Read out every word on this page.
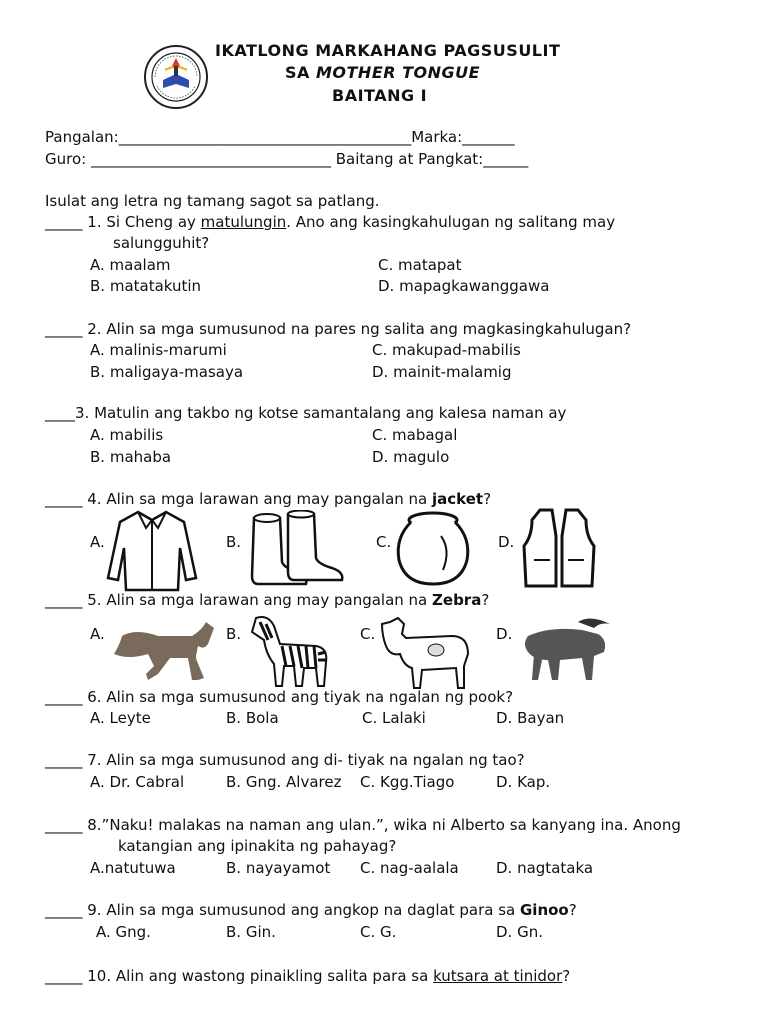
IKATLONG MARKAHANG PAGSUSULIT
SA MOTHER TONGUE
BAITANG I
Pangalan:_______________________________________Marka:_______
Guro: ________________________________ Baitang at Pangkat:______
Isulat ang letra ng tamang sagot sa patlang.
_____ 1. Si Cheng ay matulungin. Ano ang kasingkahulugan ng salitang may
salungguhit?
A. maalam	C. matapat
B. matatakutin	D. mapagkawanggawa
_____ 2. Alin sa mga sumusunod na pares ng salita ang magkasingkahulugan?
A. malinis-marumi	C. makupad-mabilis
B. maligaya-masaya	D. mainit-malamig
____3. Matulin ang takbo ng kotse samantalang ang kalesa naman ay
A. mabilis	C. mabagal
B. mahaba	D. magulo
_____ 4. Alin sa mga larawan ang may pangalan na jacket?
A.	B.	C.	D.
_____ 5. Alin sa mga larawan ang may pangalan na Zebra?
A.	B.	C.	D.
_____ 6. Alin sa mga sumusunod ang tiyak na ngalan ng pook?
A. Leyte	B. Bola	C. Lalaki	D. Bayan
_____ 7. Alin sa mga sumusunod ang di- tiyak na ngalan ng tao?
A. Dr. Cabral	B. Gng. Alvarez C. Kgg.Tiago	D. Kap.
_____ 8.”Naku! malakas na naman ang ulan.”, wika ni Alberto sa kanyang ina. Anong
katangian ang ipinakita ng pahayag?
A.natutuwa	B. nayayamot C. nag-aalala D. nagtataka
_____ 9. Alin sa mga sumusunod ang angkop na daglat para sa Ginoo?
A. Gng.	B. Gin.	C. G.	D. Gn.
_____ 10. Alin ang wastong pinaikling salita para sa kutsara at tinidor?
